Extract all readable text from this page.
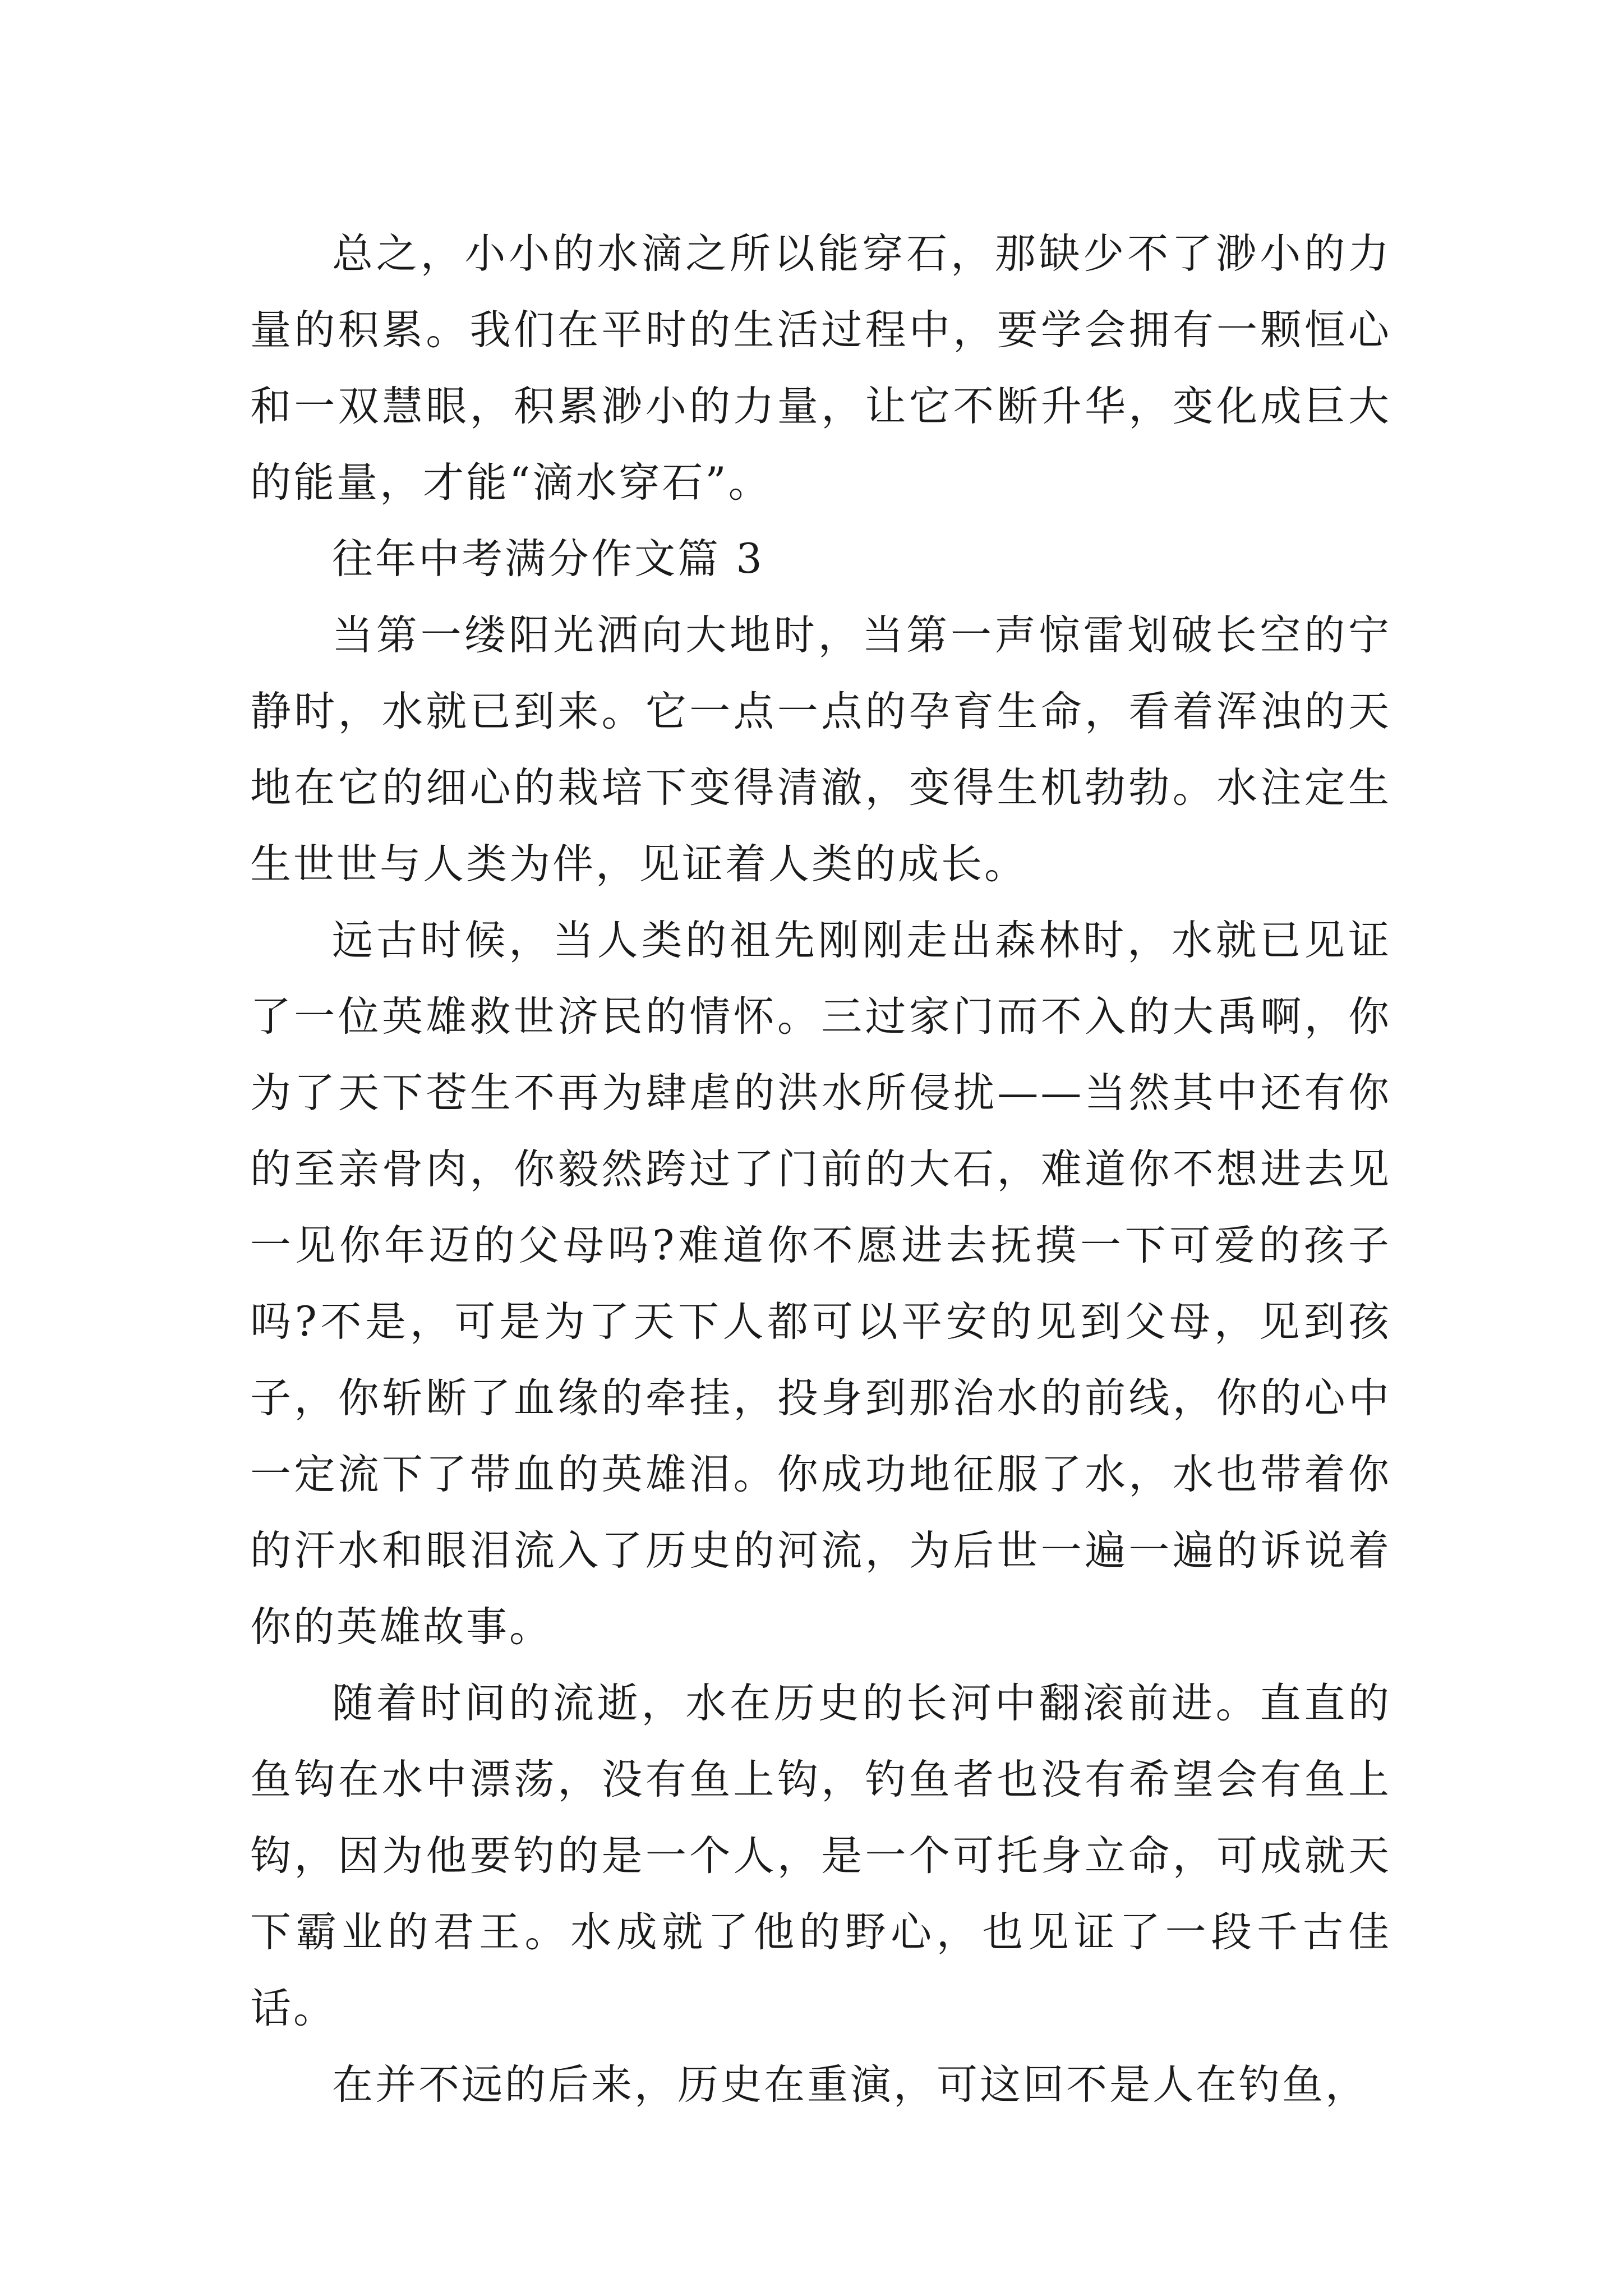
总之，小小的水滴之所以能穿石，那缺少不了渺小的力量的积累。我们在平时的生活过程中，要学会拥有一颗恒心和一双慧眼，积累渺小的力量，让它不断升华，变化成巨大的能量，才能“滴水穿石”。

往年中考满分作文篇 3

当第一缕阳光洒向大地时，当第一声惊雷划破长空的宁静时，水就已到来。它一点一点的孕育生命，看着浑浊的天地在它的细心的栽培下变得清澈，变得生机勃勃。水注定生生世世与人类为伴，见证着人类的成长。

远古时候，当人类的祖先刚刚走出森林时，水就已见证了一位英雄救世济民的情怀。三过家门而不入的大禹啊，你为了天下苍生不再为肆虐的洪水所侵扰——当然其中还有你的至亲骨肉，你毅然跨过了门前的大石，难道你不想进去见一见你年迈的父母吗?难道你不愿进去抚摸一下可爱的孩子吗?不是，可是为了天下人都可以平安的见到父母，见到孩子，你斩断了血缘的牵挂，投身到那治水的前线，你的心中一定流下了带血的英雄泪。你成功地征服了水，水也带着你的汗水和眼泪流入了历史的河流，为后世一遍一遍的诉说着你的英雄故事。

随着时间的流逝，水在历史的长河中翻滚前进。直直的鱼钩在水中漂荡，没有鱼上钩，钓鱼者也没有希望会有鱼上钩，因为他要钓的是一个人，是一个可托身立命，可成就天下霸业的君王。水成就了他的野心，也见证了一段千古佳话。

在并不远的后来，历史在重演，可这回不是人在钓鱼，
